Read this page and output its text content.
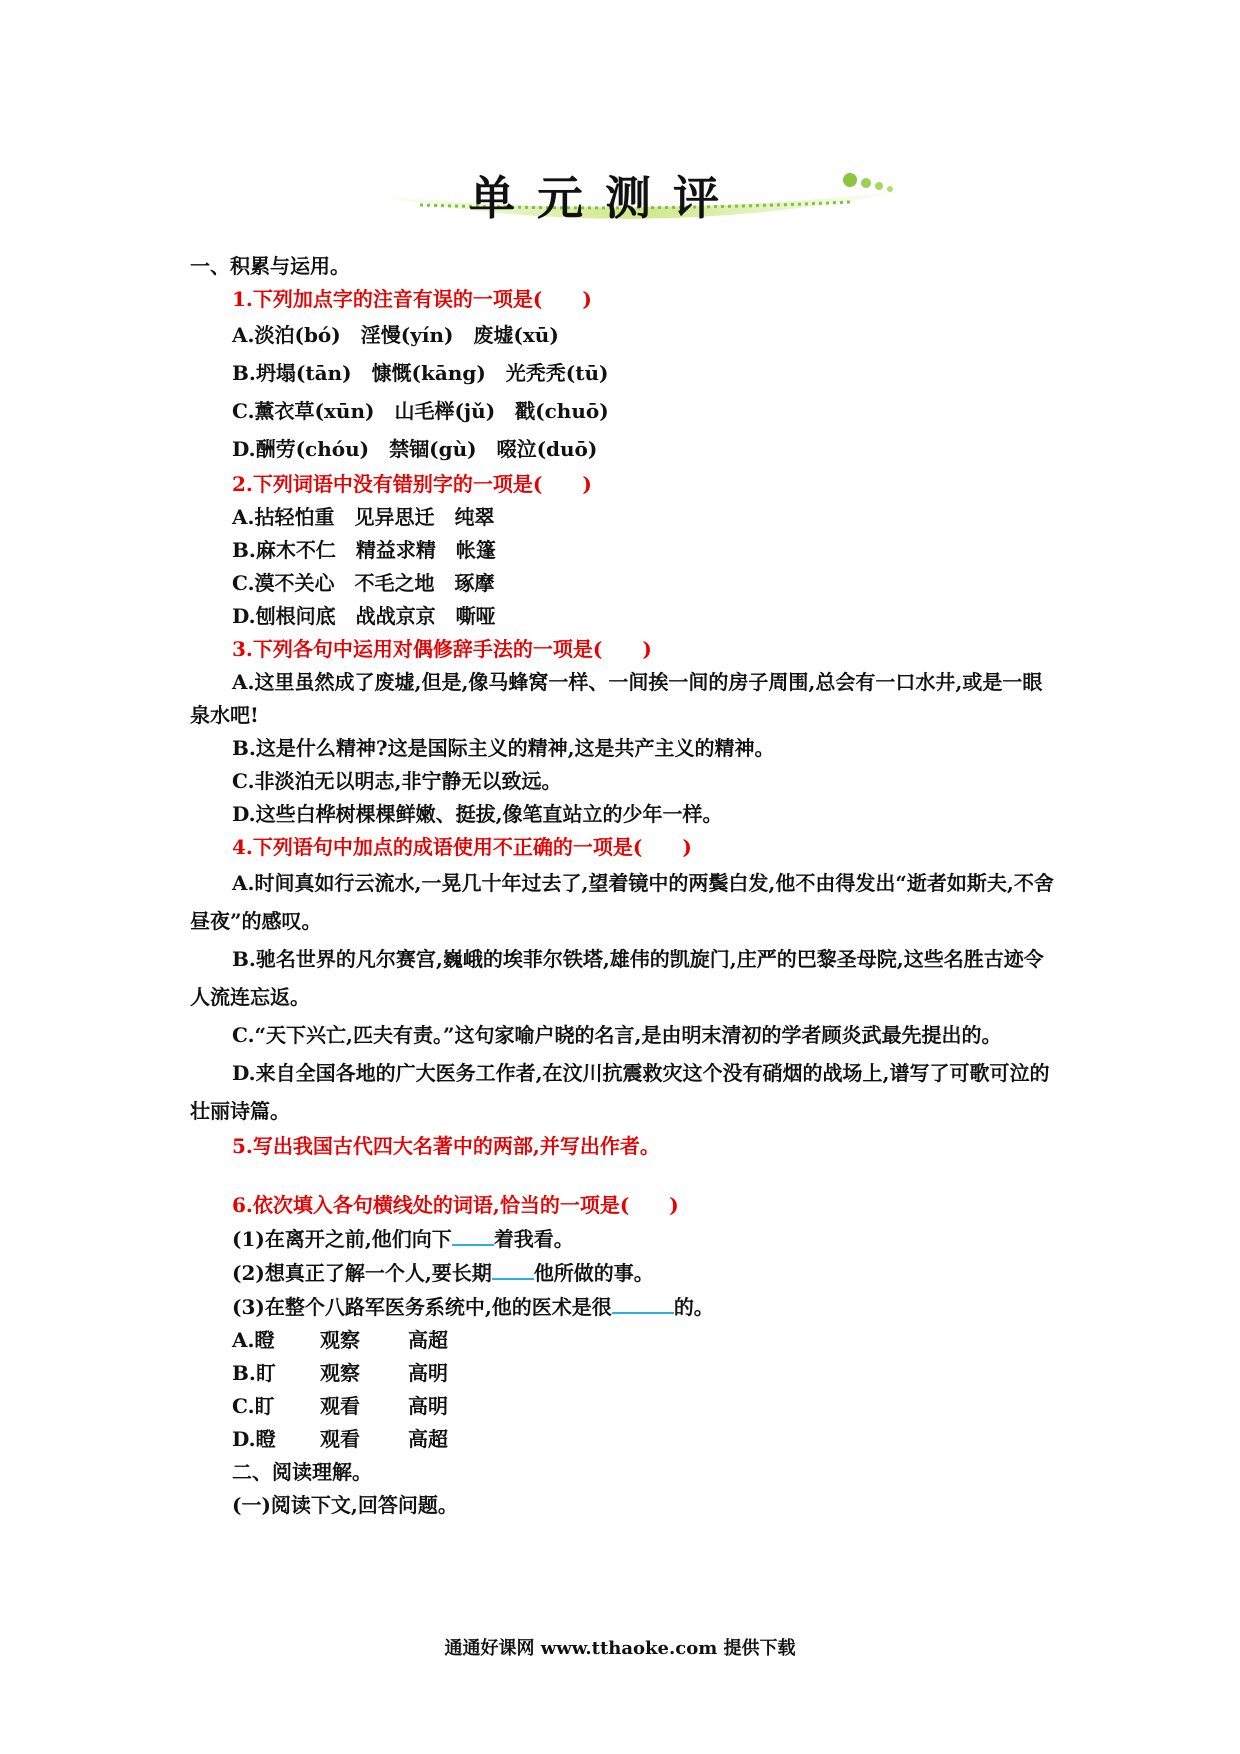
单元测评
一、积累与运用。
1.下列加点字的注音有误的一项是(　　)
A.淡泊(bó)　淫慢(yín)　废墟(xū)
B.坍塌(tān)　慷慨(kāng)　光秃秃(tū)
C.薰衣草(xūn)　山毛榉(jǔ)　戳(chuō)
D.酬劳(chóu)　禁锢(gù)　啜泣(duō)
2.下列词语中没有错别字的一项是(　　)
A.拈轻怕重　见异思迁　纯翠
B.麻木不仁　精益求精　帐篷
C.漠不关心　不毛之地　琢摩
D.刨根问底　战战京京　嘶哑
3.下列各句中运用对偶修辞手法的一项是(　　)
A.这里虽然成了废墟,但是,像马蜂窝一样、一间挨一间的房子周围,总会有一口水井,或是一眼泉水吧!
B.这是什么精神?这是国际主义的精神,这是共产主义的精神。
C.非淡泊无以明志,非宁静无以致远。
D.这些白桦树棵棵鲜嫩、挺拔,像笔直站立的少年一样。
4.下列语句中加点的成语使用不正确的一项是(　　)
A.时间真如行云流水,一晃几十年过去了,望着镜中的两鬓白发,他不由得发出“逝者如斯夫,不舍昼夜”的感叹。
B.驰名世界的凡尔赛宫,巍峨的埃菲尔铁塔,雄伟的凯旋门,庄严的巴黎圣母院,这些名胜古迹令人流连忘返。
C.“天下兴亡,匹夫有责。”这句家喻户晓的名言,是由明末清初的学者顾炎武最先提出的。
D.来自全国各地的广大医务工作者,在汶川抗震救灾这个没有硝烟的战场上,谱写了可歌可泣的壮丽诗篇。
5.写出我国古代四大名著中的两部,并写出作者。
6.依次填入各句横线处的词语,恰当的一项是(　　)
(1)在离开之前,他们向下 着我看。
(2)想真正了解一个人,要长期 他所做的事。
(3)在整个八路军医务系统中,他的医术是很	的。
A.瞪 观察 高超
B.盯 观察 高明
C.盯 观看 高明
D.瞪 观看 高超
二、阅读理解。
(一)阅读下文,回答问题。
通通好课网 www.tthaoke.com 提供下载
